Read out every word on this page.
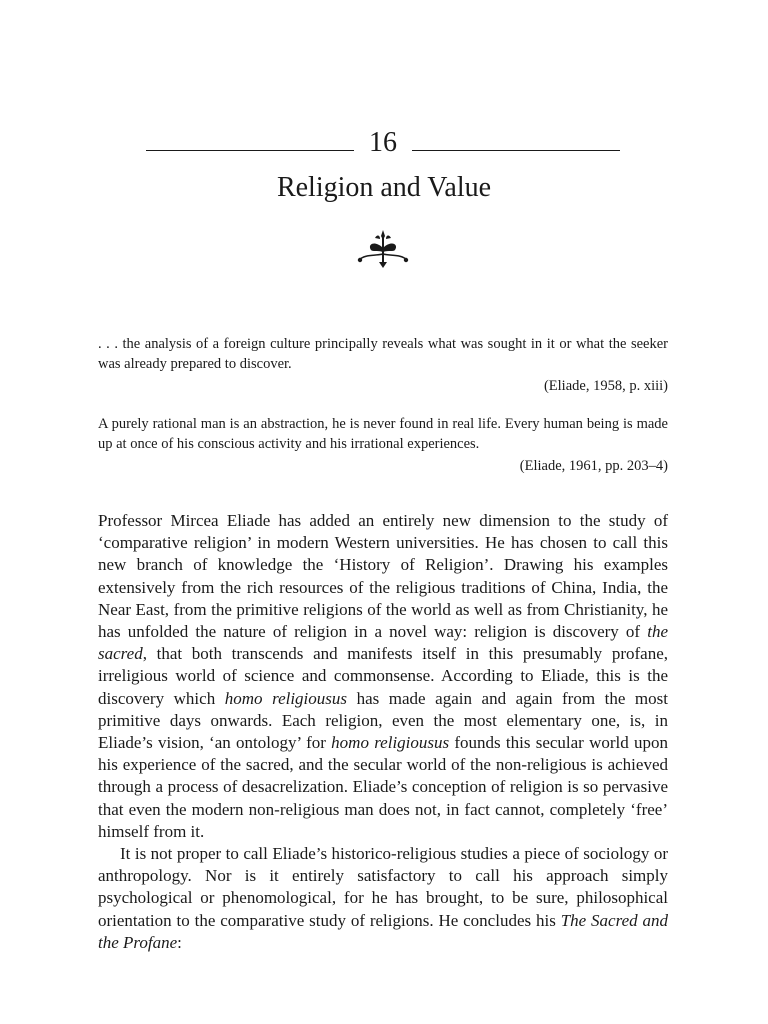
16
Religion and Value
. . . the analysis of a foreign culture principally reveals what was sought in it or what the seeker was already prepared to discover.
(Eliade, 1958, p. xiii)
A purely rational man is an abstraction, he is never found in real life. Every human being is made up at once of his conscious activity and his irrational experiences.
(Eliade, 1961, pp. 203–4)

Professor Mircea Eliade has added an entirely new dimension to the study of ‘comparative religion’ in modern Western universities. He has chosen to call this new branch of knowledge the ‘History of Religion’. Drawing his examples extensively from the rich resources of the religious traditions of China, India, the Near East, from the primitive religions of the world as well as from Christianity, he has unfolded the nature of religion in a novel way: religion is discovery of the sacred, that both transcends and manifests itself in this presumably profane, irreligious world of science and commonsense. According to Eliade, this is the discovery which homo religiousus has made again and again from the most primitive days onwards. Each religion, even the most elementary one, is, in Eliade’s vision, ‘an ontology’ for homo religiousus founds this secular world upon his experience of the sacred, and the secular world of the non-religious is achieved through a process of desacrelization. Eliade’s conception of religion is so pervasive that even the modern non-religious man does not, in fact cannot, completely ‘free’ himself from it.

It is not proper to call Eliade’s historico-religious studies a piece of sociology or anthropology. Nor is it entirely satisfactory to call his approach simply psychological or phenomological, for he has brought, to be sure, philosophical orientation to the comparative study of religions. He concludes his The Sacred and the Profane:
